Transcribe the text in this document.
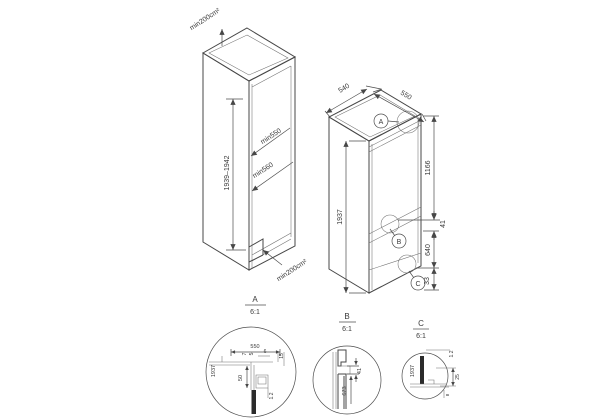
min200cm²
1939–1942
min550
min560
min200cm²
A
B
C
540
550
1937
1166
41
640
33
A
6:1
550
7 5 6
15
1937
50
1.2
B
6:1
41
673
C
6:1
1937
1.2
25
8
